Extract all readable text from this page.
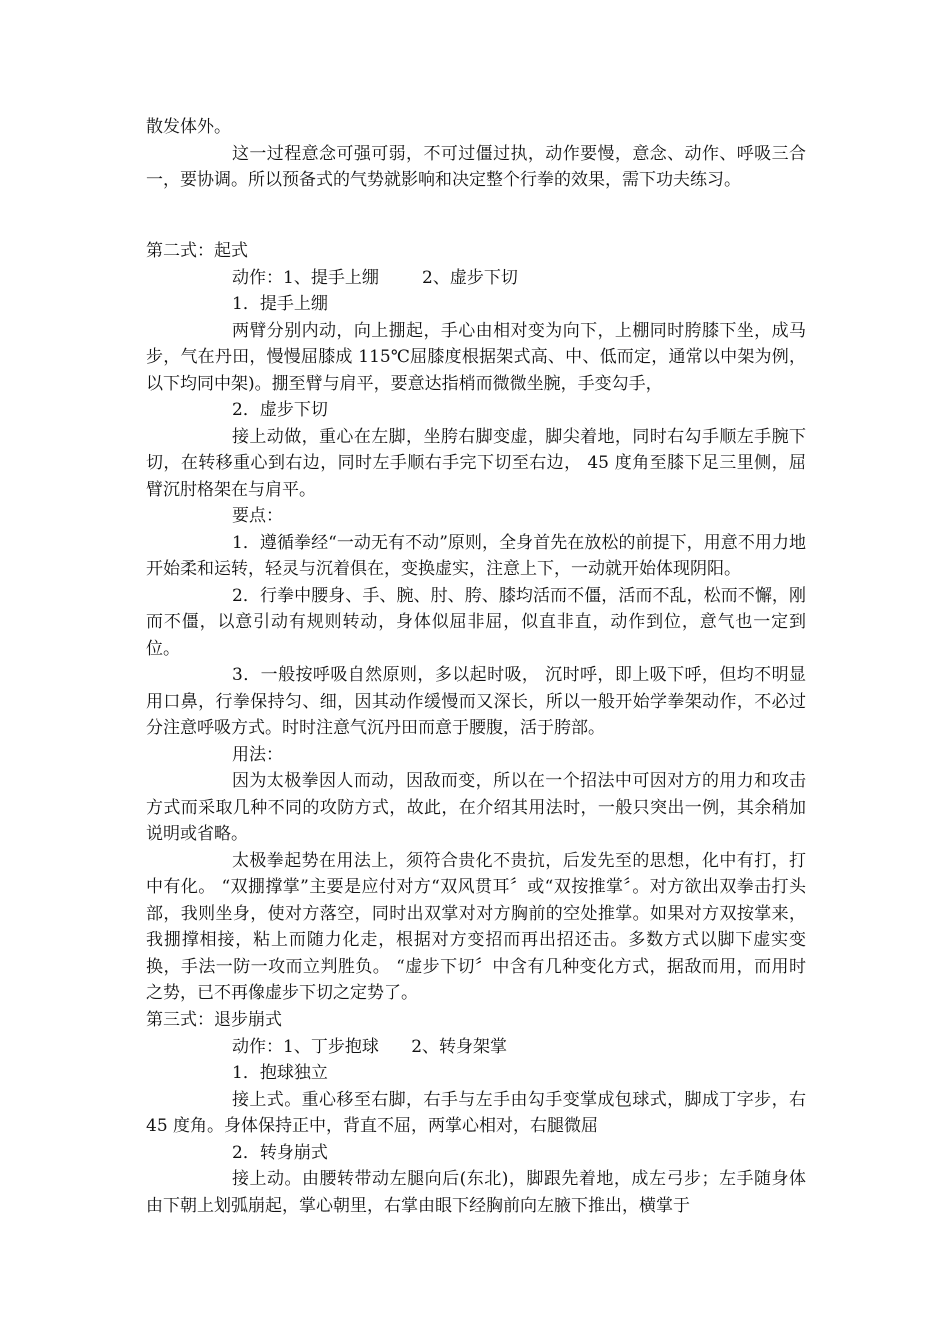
散发体外。

这一过程意念可强可弱，不可过僵过执，动作要慢，意念、动作、呼吸三合一，要协调。所以预备式的气势就影响和决定整个行拳的效果，需下功夫练习。

第二式：起式

动作：1、提手上绷        2、虚步下切

1．提手上绷

两臂分别内动，向上掤起，手心由相对变为向下，上棚同时胯膝下坐，成马步，气在丹田，慢慢屈膝成 115℃屈膝度根据架式高、中、低而定，通常以中架为例，以下均同中架)。掤至臂与肩平，要意达指梢而微微坐腕，手变勾手，

2．虚步下切

接上动做，重心在左脚，坐胯右脚变虚，脚尖着地，同时右勾手顺左手腕下切，在转移重心到右边，同时左手顺右手完下切至右边， 45 度角至膝下足三里侧，屈臂沉肘格架在与肩平。

要点：

1．遵循拳经“一动无有不动”原则，全身首先在放松的前提下，用意不用力地开始柔和运转，轻灵与沉着俱在，变换虚实，注意上下，一动就开始体现阴阳。

2．行拳中腰身、手、腕、肘、胯、膝均活而不僵，活而不乱，松而不懈，刚而不僵，以意引动有规则转动，身体似屈非屈，似直非直，动作到位，意气也一定到位。

3．一般按呼吸自然原则，多以起时吸， 沉时呼，即上吸下呼，但均不明显用口鼻，行拳保持匀、细，因其动作缓慢而又深长，所以一般开始学拳架动作，不必过分注意呼吸方式。时时注意气沉丹田而意于腰腹，活于胯部。

用法：

因为太极拳因人而动，因敌而变，所以在一个招法中可因对方的用力和攻击方式而采取几种不同的攻防方式，故此，在介绍其用法时，一般只突出一例，其余稍加说明或省略。

太极拳起势在用法上，须符合贵化不贵抗，后发先至的思想，化中有打，打中有化。 “双掤撑掌”主要是应付对方“双风贯耳〞或“双按推掌〞。对方欲出双拳击打头部，我则坐身，使对方落空，同时出双掌对对方胸前的空处推掌。如果对方双按掌来，我掤撑相接，粘上而随力化走，根据对方变招而再出招还击。多数方式以脚下虚实变换，手法一防一攻而立判胜负。 “虚步下切〞中含有几种变化方式，据敌而用，而用时之势，已不再像虚步下切之定势了。

第三式：退步崩式

动作：1、丁步抱球      2、转身架掌

1．抱球独立

接上式。重心移至右脚，右手与左手由勾手变掌成包球式，脚成丁字步，右 45 度角。身体保持正中，背直不屈，两掌心相对，右腿微屈

2．转身崩式

接上动。由腰转带动左腿向后(东北)，脚跟先着地，成左弓步；左手随身体由下朝上划弧崩起，掌心朝里，右掌由眼下经胸前向左腋下推出，横掌于
